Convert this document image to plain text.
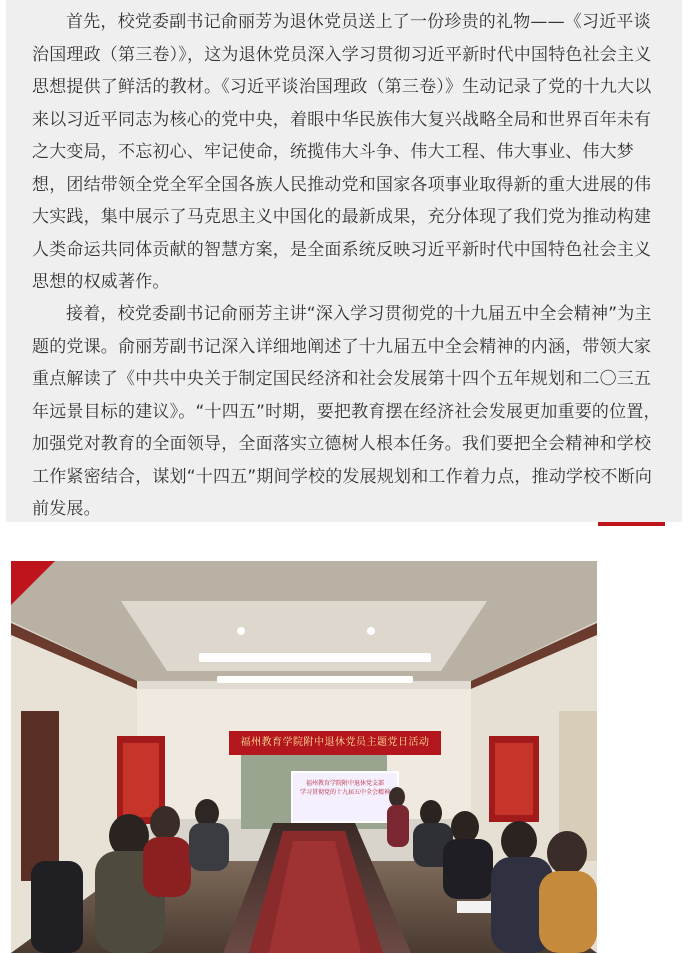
首先，校党委副书记俞丽芳为退休党员送上了一份珍贵的礼物——《习近平谈治国理政（第三卷）》，这为退休党员深入学习贯彻习近平新时代中国特色社会主义思想提供了鲜活的教材。《习近平谈治国理政（第三卷）》生动记录了党的十九大以来以习近平同志为核心的党中央，着眼中华民族伟大复兴战略全局和世界百年未有之大变局，不忘初心、牢记使命，统揽伟大斗争、伟大工程、伟大事业、伟大梦想，团结带领全党全军全国各族人民推动党和国家各项事业取得新的重大进展的伟大实践，集中展示了马克思主义中国化的最新成果，充分体现了我们党为推动构建人类命运共同体贡献的智慧方案，是全面系统反映习近平新时代中国特色社会主义思想的权威著作。

接着，校党委副书记俞丽芳主讲“深入学习贯彻党的十九届五中全会精神”为主题的党课。俞丽芳副书记深入详细地阐述了十九届五中全会精神的内涵，带领大家重点解读了《中共中央关于制定国民经济和社会发展第十四个五年规划和二〇三五年远景目标的建议》。“十四五”时期，要把教育摆在经济社会发展更加重要的位置，加强党对教育的全面领导，全面落实立德树人根本任务。我们要把全会精神和学校工作紧密结合，谋划“十四五”期间学校的发展规划和工作着力点，推动学校不断向前发展。

福州教育学院附中退休党员主题党日活动
福州教育学院附中退休党支部
学习贯彻党的十九届五中全会精神
